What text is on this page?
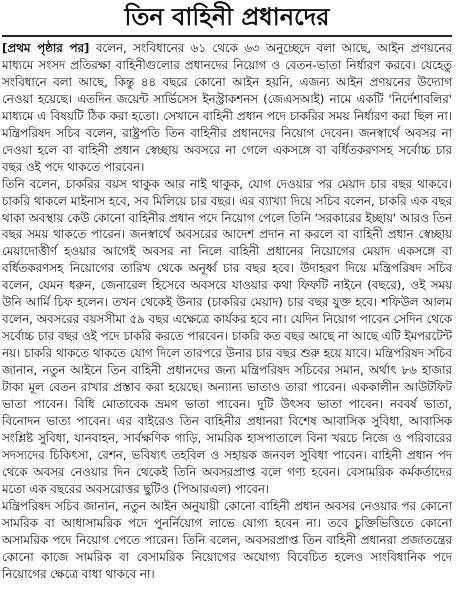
তিন বাহিনী প্রধানদের

[প্রথম পৃষ্ঠার পর] বলেন, সংবিধানের ৬১ থেকে ৬৩ অনুচ্ছেদে বলা আছে, আইন প্রণয়নের মাধ্যমে সংসদ প্রতিরক্ষা বাহিনীগুলোর প্রধানদের নিয়োগ ও বেতন-ভাতা নির্ধারণ করবে। যেহেতু সংবিধানে বলা আছে, কিন্তু ৪৪ বছরে কোনো আইন হয়নি, এজন্য আইন প্রণয়নের উদ্যোগ নেওয়া হয়েছে। এতদিন জয়েন্ট সার্ভিসেস ইনস্ট্রাকশনস (জেএসআই) নামে একটি 'নির্দেশাবলির' মাধ্যমে এ বিষয়টি ঠিক করা হতো। সেখানে বাহিনী প্রধান পদে চাকরির সময় নির্ধারণ করা ছিল না। মন্ত্রিপরিষদ সচিব বলেন, রাষ্ট্রপতি তিন বাহিনীর প্রধানদের নিয়োগ দেবেন। জনস্বার্থে অবসর না দেওয়া হলে বা বাহিনী প্রধান স্বেচ্ছায় অবসরে না গেলে একসঙ্গে বা বর্ধিতকরণসহ সর্বোচ্চ চার বছর ওই পদে থাকতে পারবেন।

তিনি বলেন, চাকরির বয়স থাকুক আর নাই থাকুক, যোগ দেওয়ার পর মেয়াদ চার বছর থাকবে। চাকরি থাকলে মাইনাস হবে, সব মিলিয়ে চার বছর। এর ব্যাখ্যা দিয়ে সচিব বলেন, চাকরি এক বছর থাকা অবস্থায় কেউ কোনো বাহিনীর প্রধান পদে নিয়োগ পেলে তিনি 'সরকারের ইচ্ছায়' আরও তিন বছর সময় থাকতে পারেন। জনস্বার্থে অবসরের আদেশ প্রদান না করলে বা বাহিনী প্রধান স্বেচ্ছায় মেয়াদোত্তীর্ণ হওয়ার আগেই অবসর না নিলে বাহিনী প্রধানের নিয়োগের মেয়াদ একসঙ্গে বা বর্ধিতকরণসহ নিয়োগের তারিখ থেকে অনূর্ধ্ব চার বছর হবে। উদাহরণ দিয়ে মন্ত্রিপরিষদ সচিব বলেন, যেমন ধরুন, জেনারেল হিসেবে অবসরে যাওয়ার কথা ফিফটি নাইনে (বছরে), ওই সময় উনি আর্মি চিফ হলেন। তখন থেকেই উনার (চাকরির মেয়াদ) চার বছর যুক্ত হবে। শফিউল আলম বলেন, অবসরের বয়সসীমা ৫৯ বছর এক্ষেত্রে কার্যকর হবে না। যেদিন নিয়োগ পাবেন সেদিন থেকে সর্বোচ্চ চার বছর ওই পদে চাকরি করতে পারবেন। চাকরি কত বছর আছে না আছে এটি ইমপরটেন্ট নয়। চাকরি থাকতে থাকতে যোগ দিলে তারপরে উনার চার বছর শুরু হয়ে যাবে। মন্ত্রিপরিষদ সচিব জানান, নতুন আইনে তিন বাহিনী প্রধানদের জন্য মন্ত্রিপরিষদ সচিবের সমান, অর্থাৎ ৮৬ হাজার টাকা মূল বেতন রাখার প্রস্তাব করা হয়েছে। অন্যান্য ভাতাও তারা পাবেন। এককালীন আউটফিট ভাতা পাবেন। বিধি মোতাবেক ভ্রমণ ভাতা পাবেন। দুটি উৎসব ভাতা পাবেন। নববর্ষ ভাতা, বিনোদন ভাতা পাবেন। এর বাইরেও তিন বাহিনীর প্রধানরা বিশেষ আবাসিক সুবিধা, আবাসিক সংশ্লিষ্ট সুবিধা, যানবাহন, সার্বক্ষণিক গাড়ি, সামরিক হাসপাতালে বিনা খরচে নিজে ও পরিবারের সদস্যদের চিকিৎসা, রেশন, ভবিষ্যৎ তহবিল ও সহায়ক জনবল সুবিধা পাবেন। বাহিনী প্রধান পদ থেকে অবসর নেওয়ার দিন থেকেই তিনি অবসরপ্রাপ্ত বলে গণ্য হবেন। বেসামরিক কর্মকর্তাদের মতো এক বছরের অবসরোত্তর ছুটিও (পিআরএল) পাবেন।

মন্ত্রিপরিষদ সচিব জানান, নতুন আইন অনুযায়ী কোনো বাহিনী প্রধান অবসর নেওয়ার পর কোনো সামরিক বা আধাসামরিক পদে পুনর্নিয়োগ লাভে যোগ্য হবেন না। তবে চুক্তিভিত্তিতে কোনো অসামরিক পদে নিয়োগ পেতে পারেন। তিনি বলেন, অবসরপ্রাপ্ত তিন বাহিনী প্রধানরা প্রজাতন্ত্রের কোনো কাজে সামরিক বা বেসামরিক নিয়োগের অযোগ্য বিবেচিত হলেও সাংবিধানিক পদে নিয়োগের ক্ষেত্রে বাধা থাকবে না।
